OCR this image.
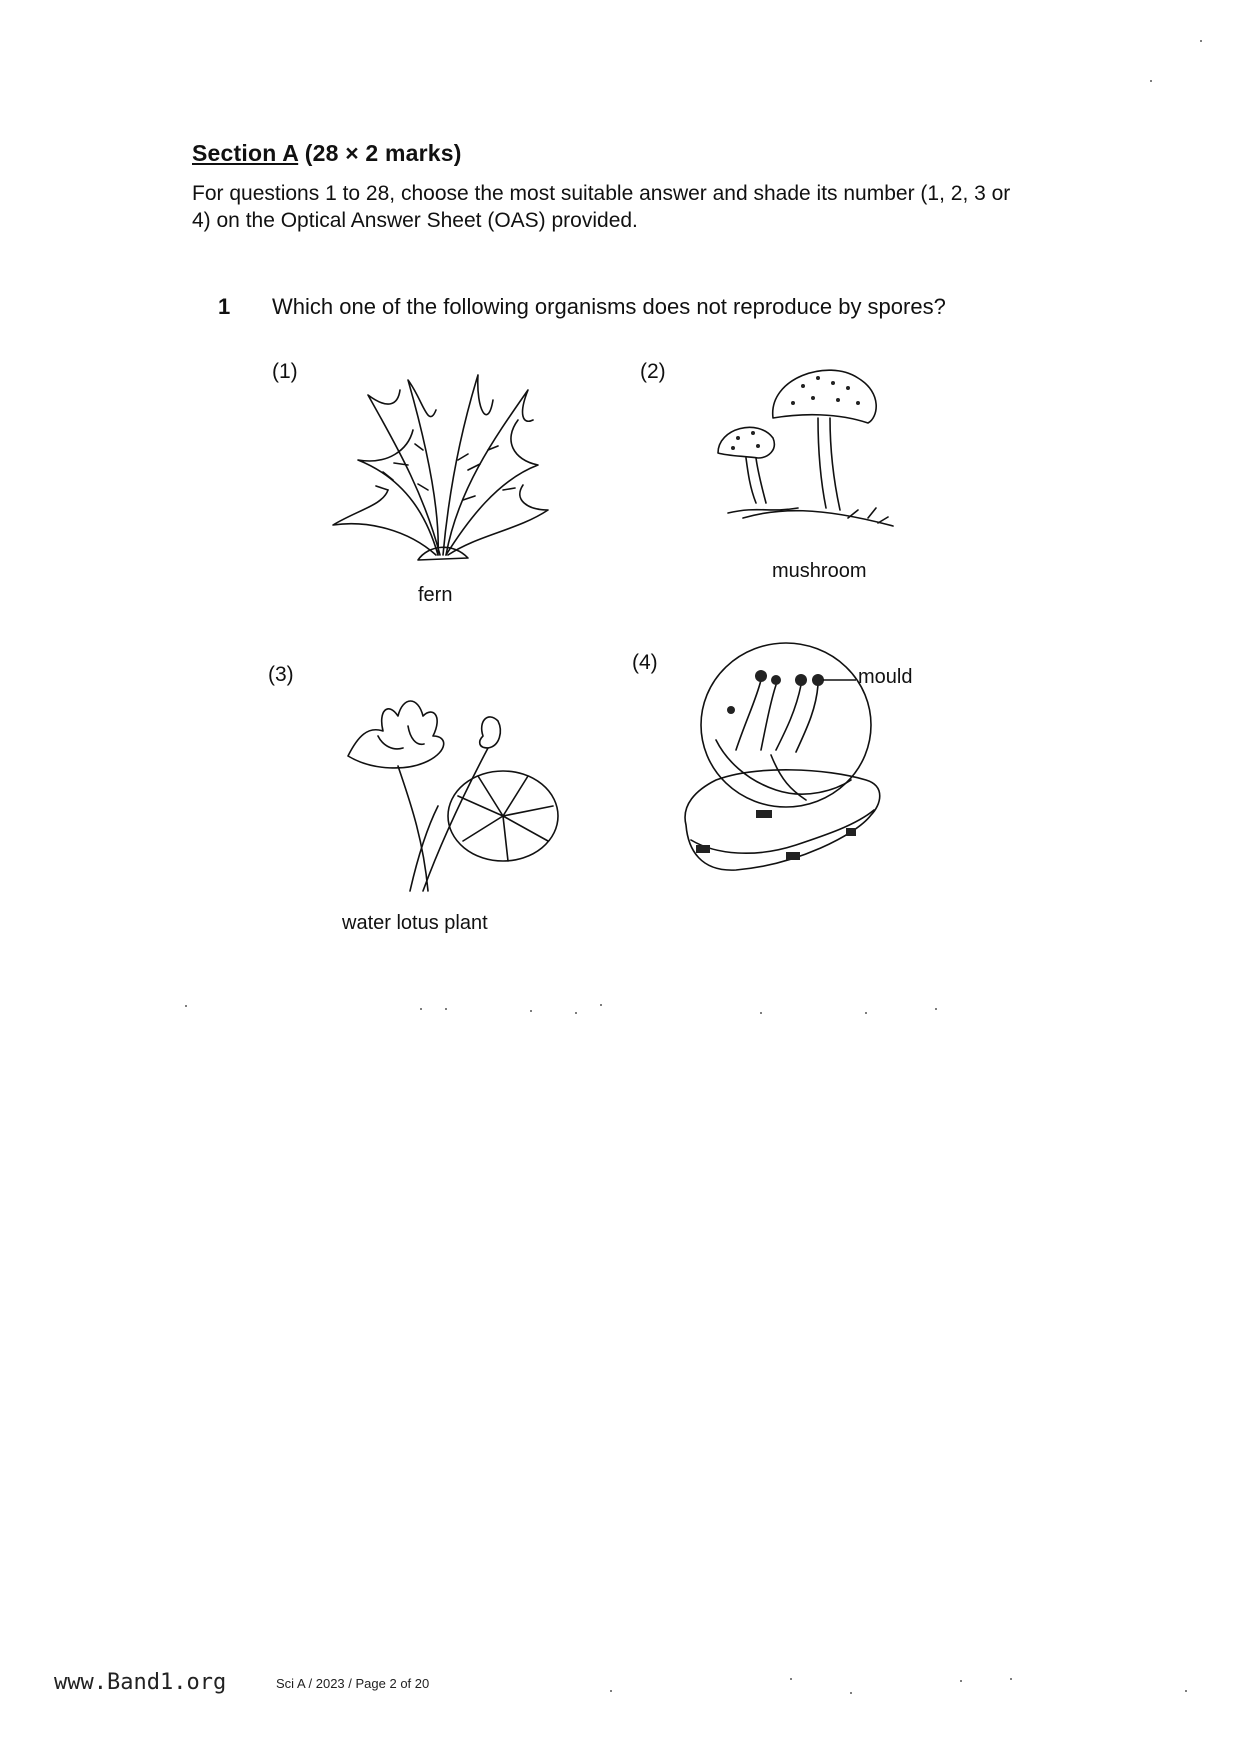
Section A (28 × 2 marks)
For questions 1 to 28, choose the most suitable answer and shade its number (1, 2, 3 or
4) on the Optical Answer Sheet (OAS) provided.
1 Which one of the following organisms does not reproduce by spores?
(1)
fern
(2)
mushroom
(3)
water lotus plant
(4)
mould
www.Band1.org	Sci A / 2023 / Page 2 of 20
